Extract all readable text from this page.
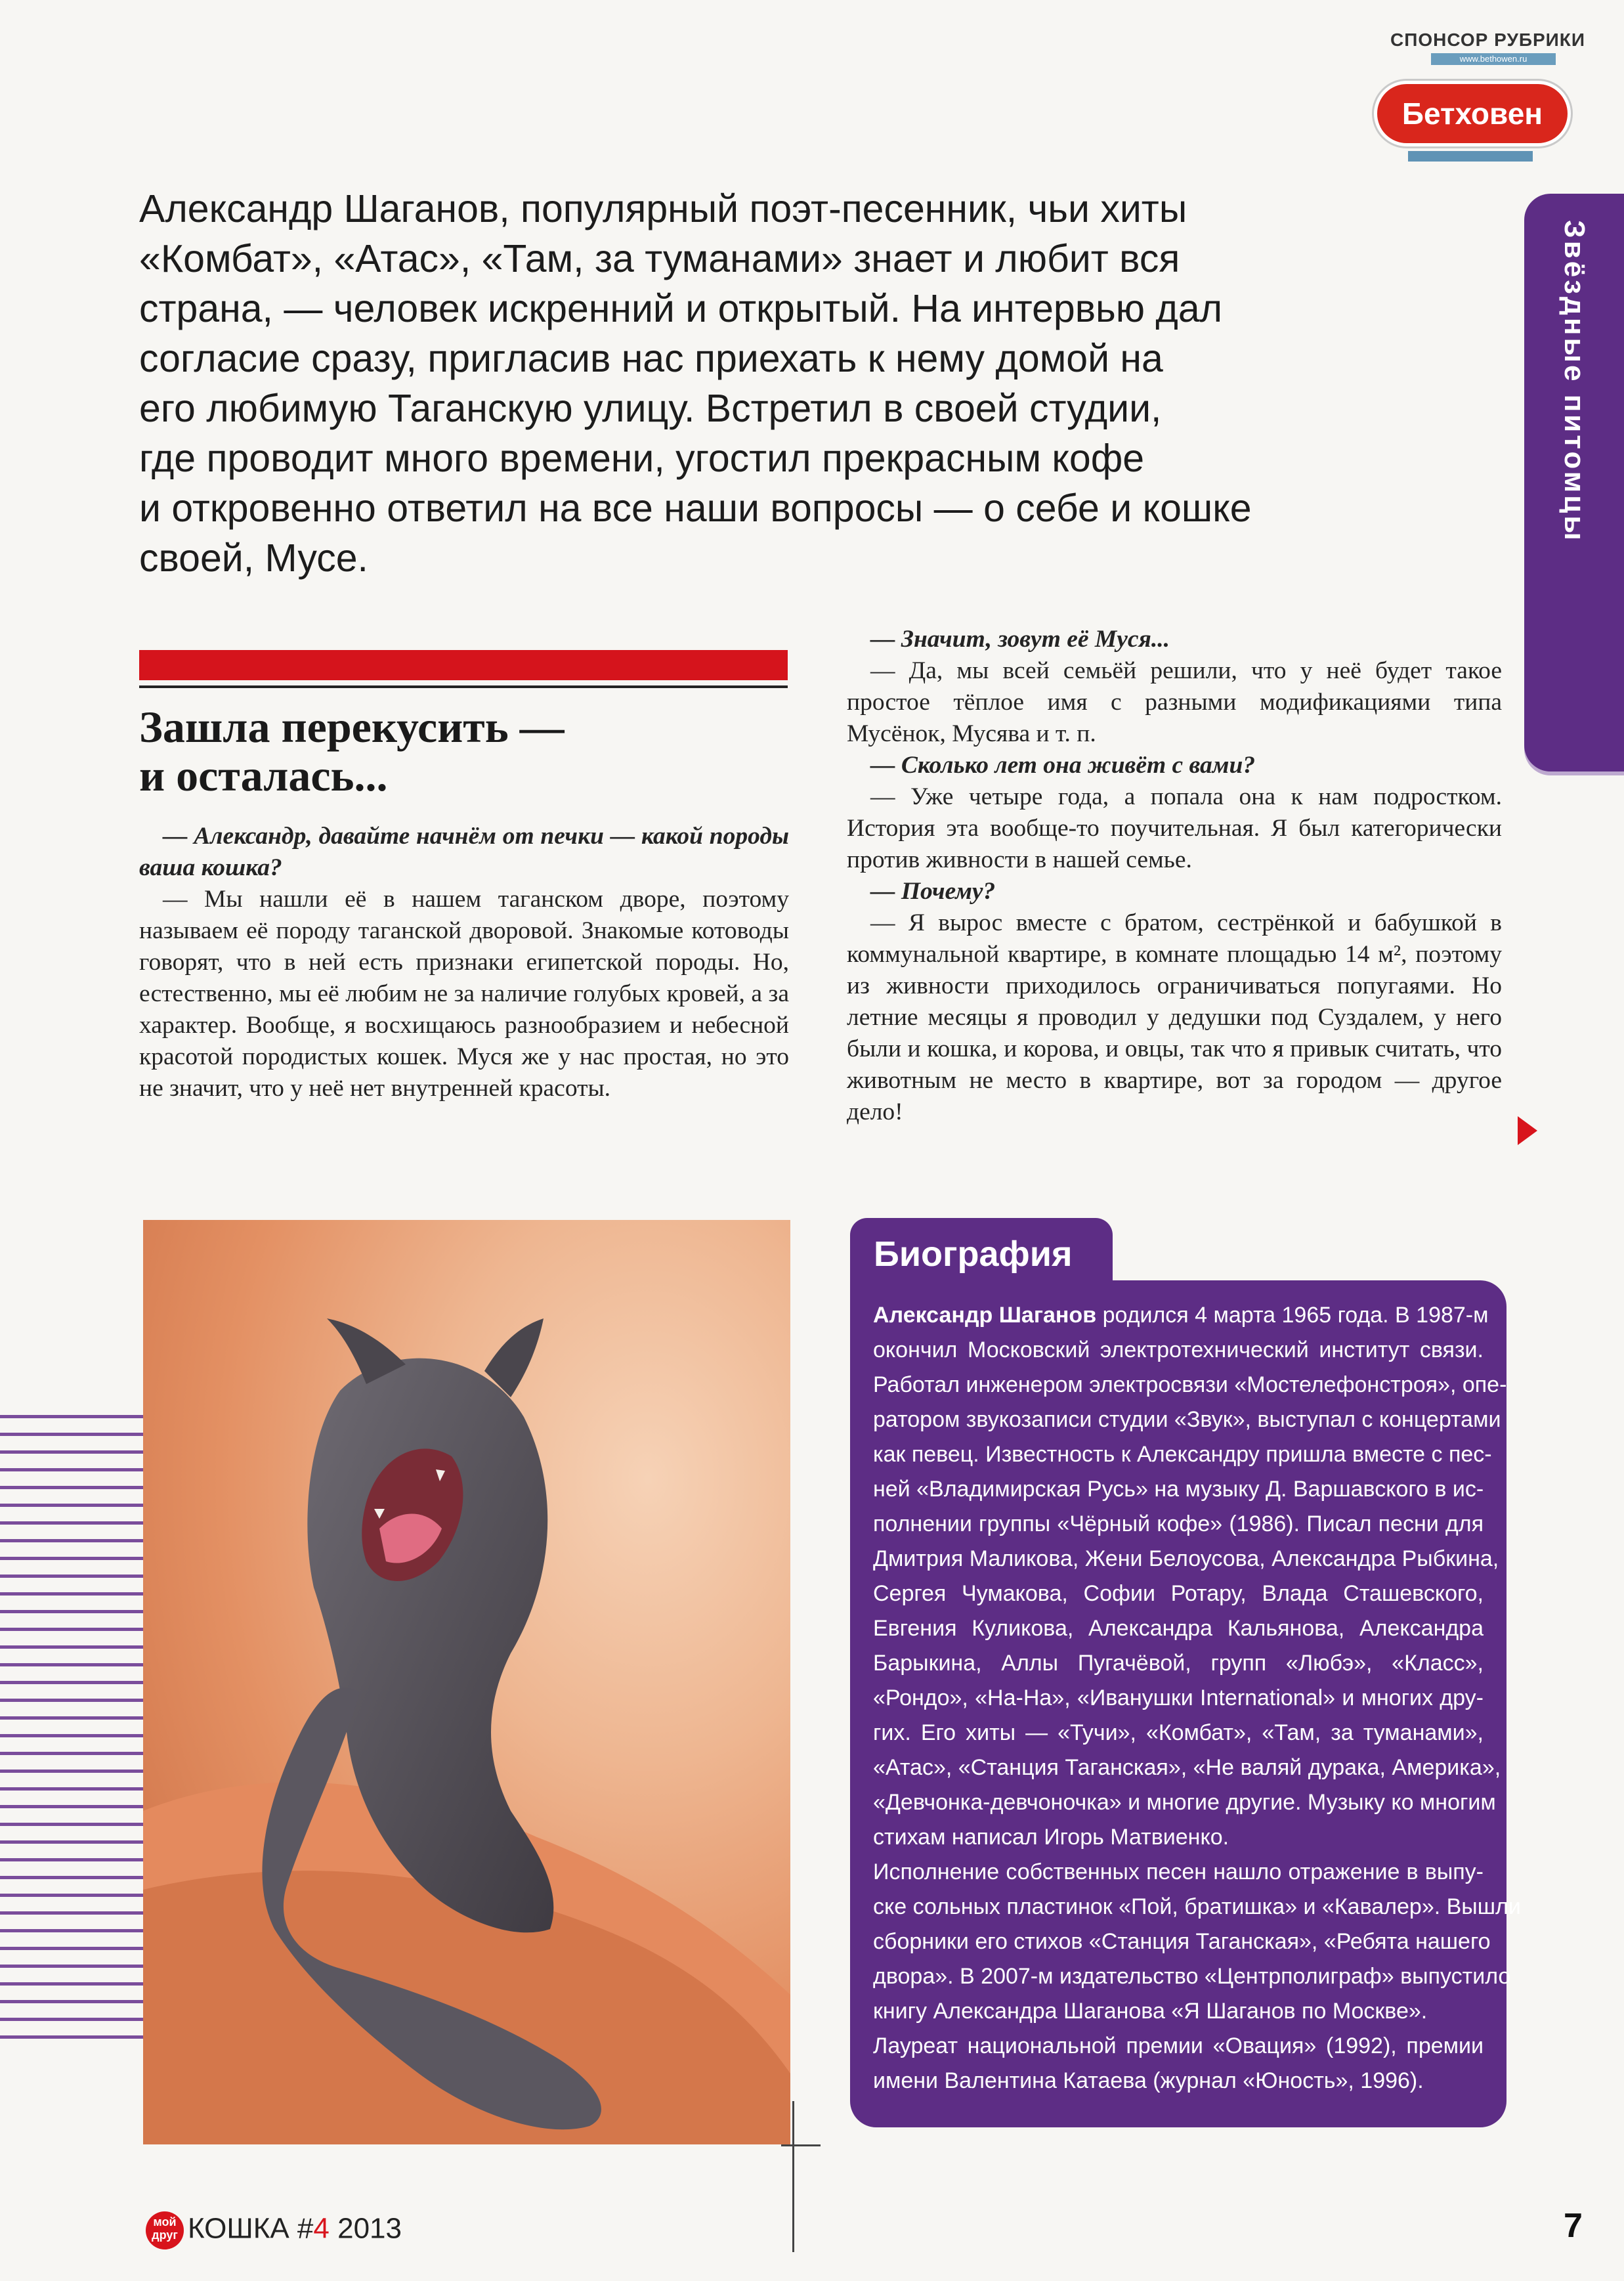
СПОНСОР РУБРИКИ
www.bethowen.ru
Бетховен
Звёздные питомцы
Александр Шаганов, популярный поэт-песенник, чьи хиты
«Комбат», «Атас», «Там, за туманами» знает и любит вся
страна, — человек искренний и открытый. На интервью дал
согласие сразу, пригласив нас приехать к нему домой на
его любимую Таганскую улицу. Встретил в своей студии,
где проводит много времени, угостил прекрасным кофе
и откровенно ответил на все наши вопросы — о себе и кошке
своей, Мусе.
Зашла перекусить —
и осталась...

— Александр, давайте начнём от печки — какой породы ваша кошка?

— Мы нашли её в нашем таганском дворе, поэтому называем её породу таганской дворовой. Знакомые котоводы говорят, что в ней есть признаки египетской породы. Но, естественно, мы её любим не за наличие голубых кровей, а за характер. Вообще, я восхищаюсь разнообразием и небесной красотой породистых кошек. Муся же у нас простая, но это не значит, что у неё нет внутренней красоты.

— Значит, зовут её Муся...

— Да, мы всей семьёй решили, что у неё будет такое простое тёплое имя с разными модификациями типа Мусёнок, Мусява и т. п.

— Сколько лет она живёт с вами?

— Уже четыре года, а попала она к нам подростком. История эта вообще-то поучительная. Я был категорически против живности в нашей семье.

— Почему?

— Я вырос вместе с братом, сестрёнкой и бабушкой в коммунальной квартире, в комнате площадью 14 м², поэтому из живности приходилось ограничиваться попугаями. Но летние месяцы я проводил у дедушки под Суздалем, у него были и кошка, и корова, и овцы, так что я привык считать, что животным не место в квартире, вот за городом — другое дело!

Биография
Александр Шаганов родился 4 марта 1965 года. В 1987-м
окончил Московский электротехнический институт связи.
Работал инженером электросвязи «Мостелефонстроя», опе-
ратором звукозаписи студии «Звук», выступал с концертами
как певец. Известность к Александру пришла вместе с пес-
ней «Владимирская Русь» на музыку Д. Варшавского в ис-
полнении группы «Чёрный кофе» (1986). Писал песни для
Дмитрия Маликова, Жени Белоусова, Александра Рыбкина,
Сергея Чумакова, Софии Ротару, Влада Сташевского,
Евгения Куликова, Александра Кальянова, Александра
Барыкина, Аллы Пугачёвой, групп «Любэ», «Класс»,
«Рондо», «На-На», «Иванушки International» и многих дру-
гих. Его хиты — «Тучи», «Комбат», «Там, за туманами»,
«Атас», «Станция Таганская», «Не валяй дурака, Америка»,
«Девчонка-девчоночка» и многие другие. Музыку ко многим
стихам написал Игорь Матвиенко.
Исполнение собственных песен нашло отражение в выпу-
ске сольных пластинок «Пой, братишка» и «Кавалер». Вышли
сборники его стихов «Станция Таганская», «Ребята нашего
двора». В 2007-м издательство «Центрполиграф» выпустило
книгу Александра Шаганова «Я Шаганов по Москве».
Лауреат национальной премии «Овация» (1992), премии
имени Валентина Катаева (журнал «Юность», 1996).
мой
друг КОШКА #4 2013	7
